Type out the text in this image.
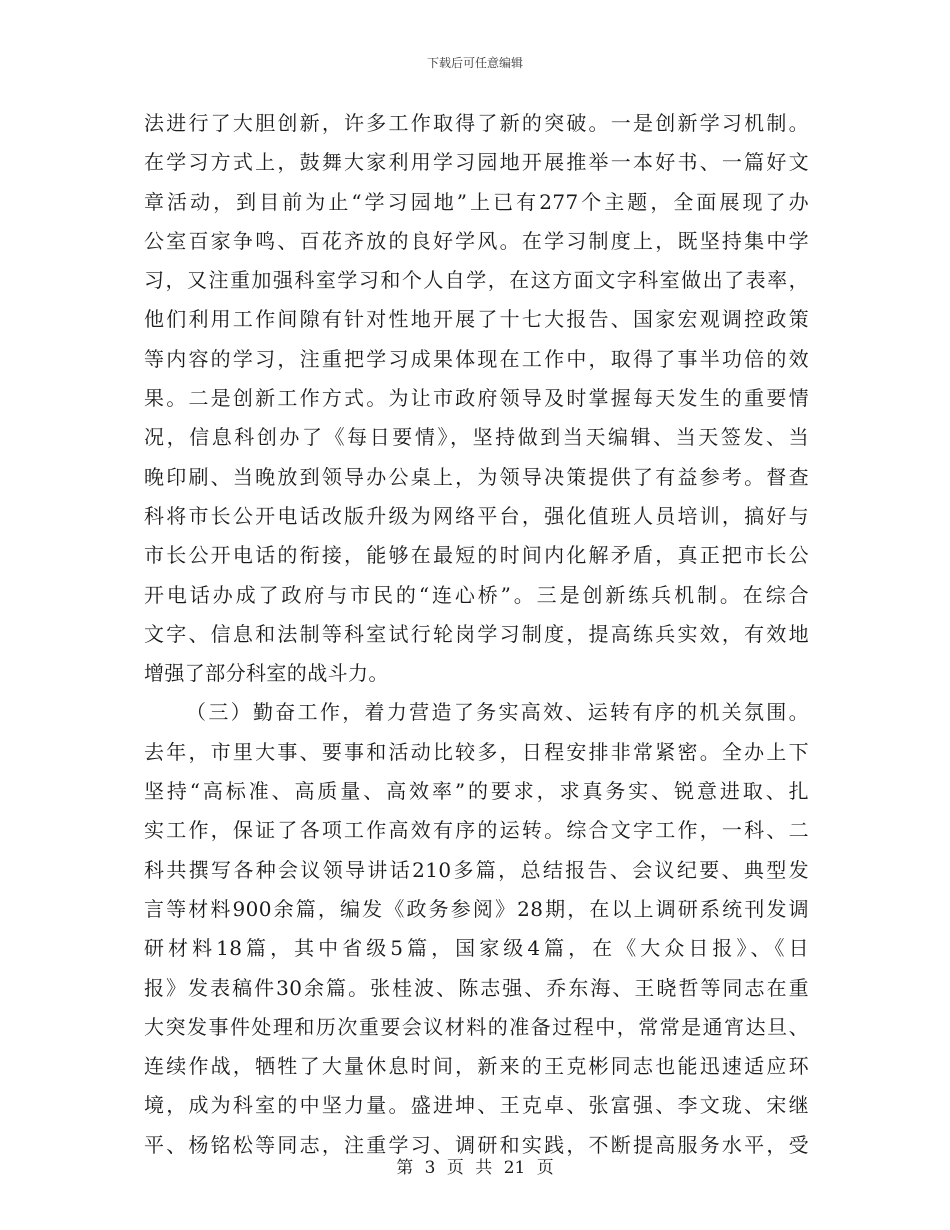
下载后可任意编辑
法进行了大胆创新，许多工作取得了新的突破。一是创新学习机制。
在学习方式上，鼓舞大家利用学习园地开展推举一本好书、一篇好文
章活动，到目前为止“学习园地”上已有277个主题，全面展现了办
公室百家争鸣、百花齐放的良好学风。在学习制度上，既坚持集中学
习，又注重加强科室学习和个人自学，在这方面文字科室做出了表率，
他们利用工作间隙有针对性地开展了十七大报告、国家宏观调控政策
等内容的学习，注重把学习成果体现在工作中，取得了事半功倍的效
果。二是创新工作方式。为让市政府领导及时掌握每天发生的重要情
况，信息科创办了《每日要情》，坚持做到当天编辑、当天签发、当
晚印刷、当晚放到领导办公桌上，为领导决策提供了有益参考。督查
科将市长公开电话改版升级为网络平台，强化值班人员培训，搞好与
市长公开电话的衔接，能够在最短的时间内化解矛盾，真正把市长公
开电话办成了政府与市民的“连心桥”。三是创新练兵机制。在综合
文字、信息和法制等科室试行轮岗学习制度，提高练兵实效，有效地
增强了部分科室的战斗力。
（三）勤奋工作，着力营造了务实高效、运转有序的机关氛围。
去年，市里大事、要事和活动比较多，日程安排非常紧密。全办上下
坚持“高标准、高质量、高效率”的要求，求真务实、锐意进取、扎
实工作，保证了各项工作高效有序的运转。综合文字工作，一科、二
科共撰写各种会议领导讲话210多篇，总结报告、会议纪要、典型发
言等材料900余篇，编发《政务参阅》28期，在以上调研系统刊发调
研材料18篇，其中省级5篇，国家级4篇，在《大众日报》、《日
报》发表稿件30余篇。张桂波、陈志强、乔东海、王晓哲等同志在重
大突发事件处理和历次重要会议材料的准备过程中，常常是通宵达旦、
连续作战，牺牲了大量休息时间，新来的王克彬同志也能迅速适应环
境，成为科室的中坚力量。盛进坤、王克卓、张富强、李文珑、宋继
平、杨铭松等同志，注重学习、调研和实践，不断提高服务水平，受
第 3 页 共 21 页
